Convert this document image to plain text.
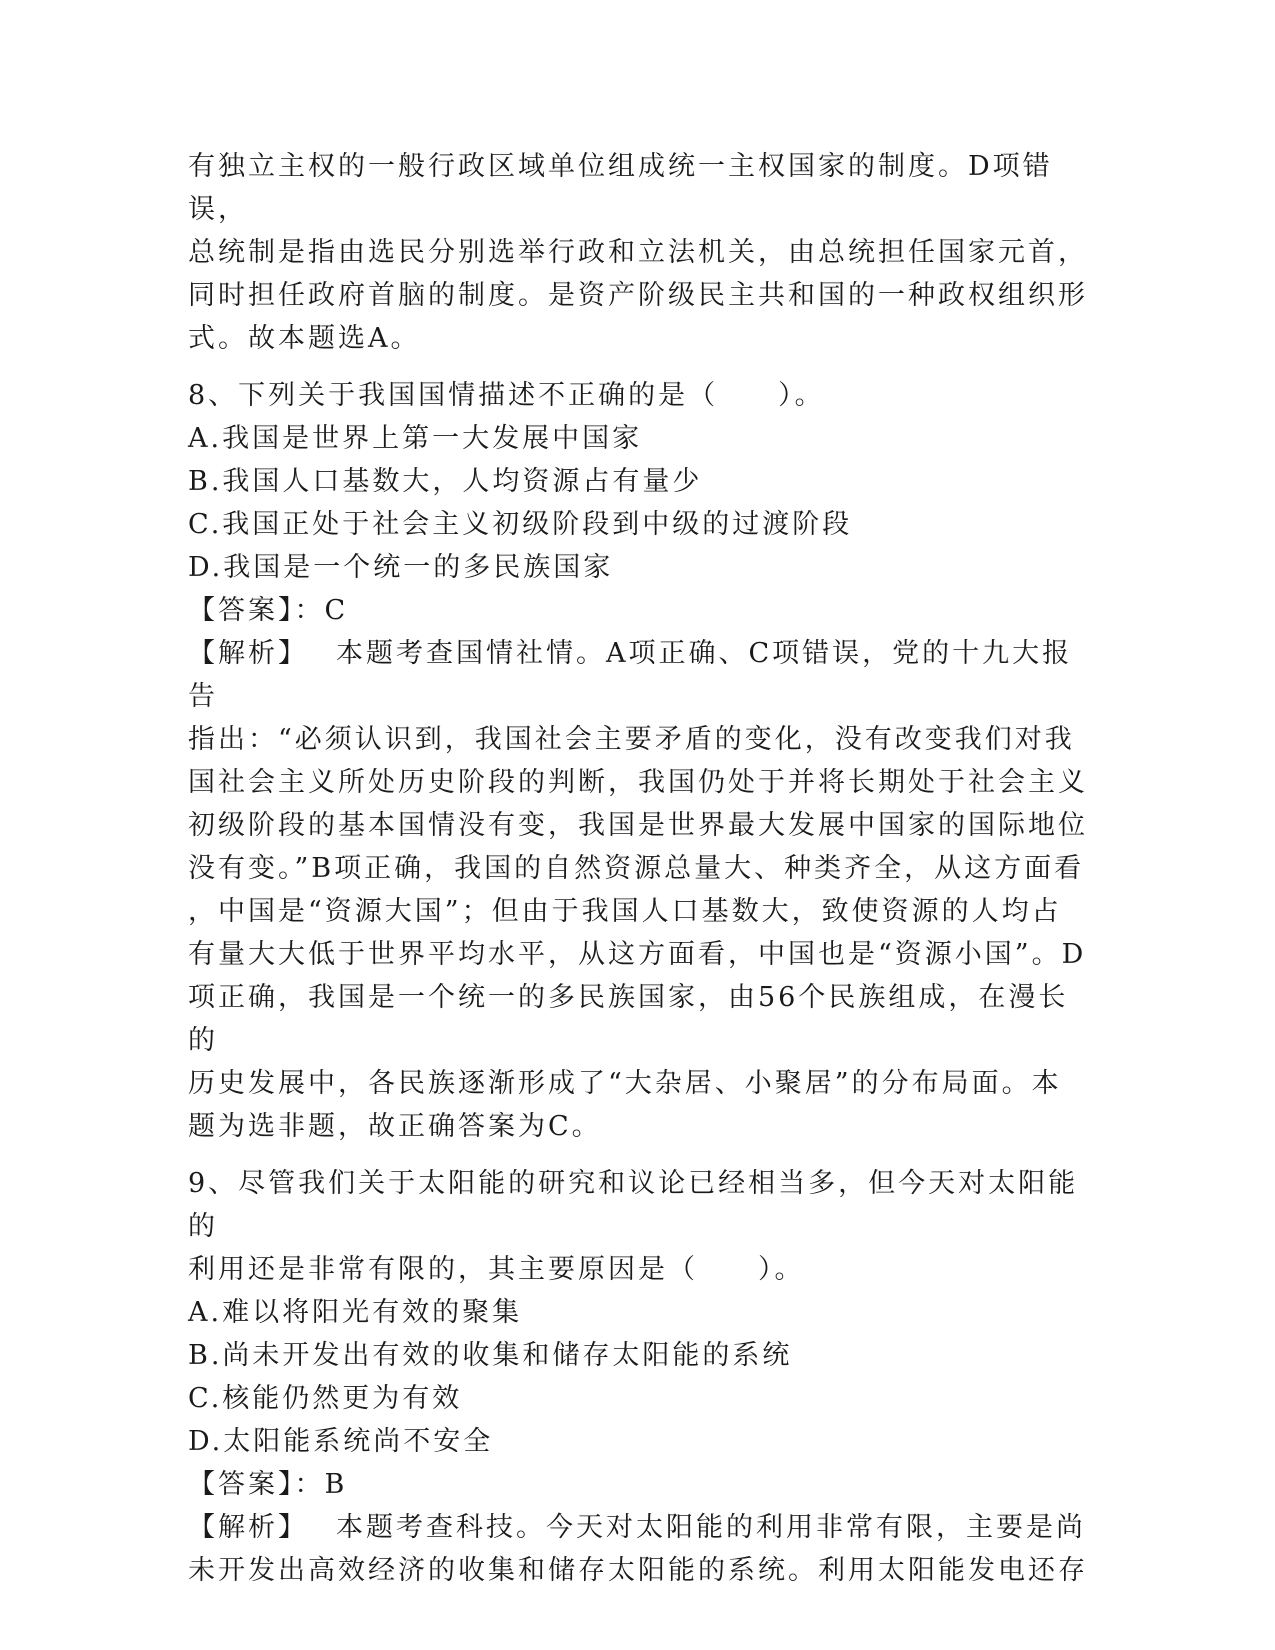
有独立主权的一般行政区域单位组成统一主权国家的制度。D项错误，
总统制是指由选民分别选举行政和立法机关，由总统担任国家元首，
同时担任政府首脑的制度。是资产阶级民主共和国的一种政权组织形
式。故本题选A。
8、下列关于我国国情描述不正确的是（　　）。
A.我国是世界上第一大发展中国家
B.我国人口基数大，人均资源占有量少
C.我国正处于社会主义初级阶段到中级的过渡阶段
D.我国是一个统一的多民族国家
【答案】：C
【解析】 本题考查国情社情。A项正确、C项错误，党的十九大报告
指出：“必须认识到，我国社会主要矛盾的变化，没有改变我们对我
国社会主义所处历史阶段的判断，我国仍处于并将长期处于社会主义
初级阶段的基本国情没有变，我国是世界最大发展中国家的国际地位
没有变。”B项正确，我国的自然资源总量大、种类齐全，从这方面看
，中国是“资源大国”；但由于我国人口基数大，致使资源的人均占
有量大大低于世界平均水平，从这方面看，中国也是“资源小国”。D
项正确，我国是一个统一的多民族国家，由56个民族组成，在漫长的
历史发展中，各民族逐渐形成了“大杂居、小聚居”的分布局面。本
题为选非题，故正确答案为C。
9、尽管我们关于太阳能的研究和议论已经相当多，但今天对太阳能的
利用还是非常有限的，其主要原因是（　　）。
A.难以将阳光有效的聚集
B.尚未开发出有效的收集和储存太阳能的系统
C.核能仍然更为有效
D.太阳能系统尚不安全
【答案】：B
【解析】 本题考查科技。今天对太阳能的利用非常有限，主要是尚
未开发出高效经济的收集和储存太阳能的系统。利用太阳能发电还存
